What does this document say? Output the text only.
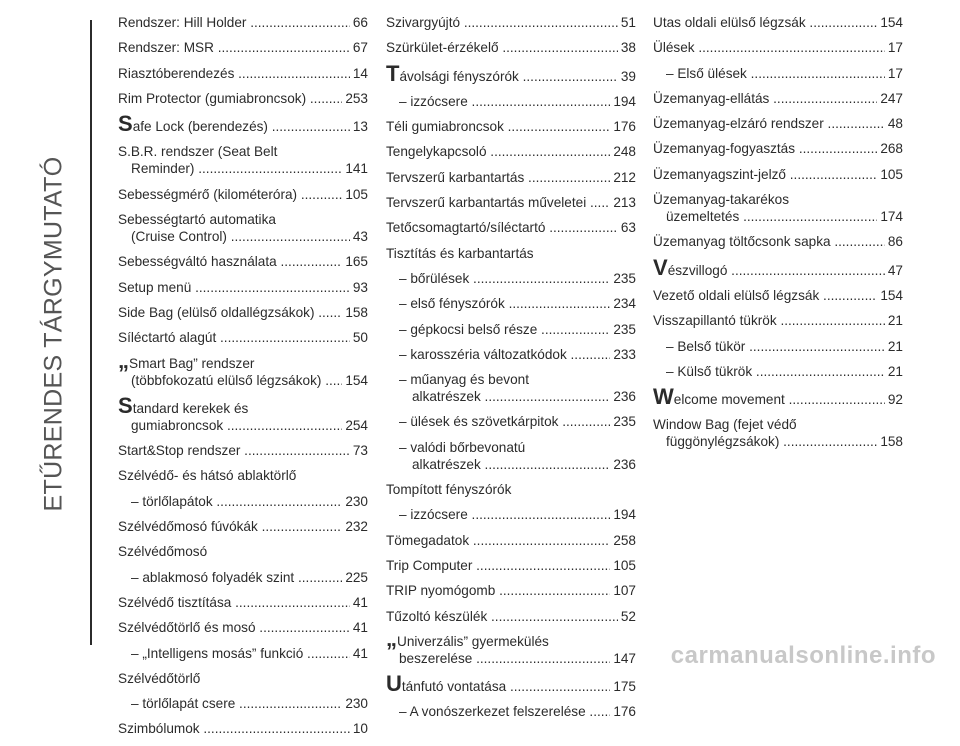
ETŰRENDES TÁRGYMUTATÓ
Rendszer: Hill Holder .....	66
Rendszer: MSR .....	67
Riasztóberendezés .....	14
Rim Protector (gumiabroncsok) .....	253
Safe Lock (berendezés) .....	13
S.B.R. rendszer (Seat Belt
Reminder) .....	141
Sebességmérő (kilométeróra) .....	105
Sebességtartó automatika
(Cruise Control) .....	43
Sebességváltó használata .....	165
Setup menü .....	93
Side Bag (elülső oldallégzsákok) .....	158
Síléctartó alagút .....	50
„Smart Bag” rendszer
(többfokozatú elülső légzsákok) .....	154
Standard kerekek és
gumiabroncsok .....	254
Start&Stop rendszer .....	73
Szélvédő- és hátsó ablaktörlő
– törlőlapátok .....	230
Szélvédőmosó fúvókák .....	232
Szélvédőmosó
– ablakmosó folyadék szint .....	225
Szélvédő tisztítása .....	41
Szélvédőtörlő és mosó .....	41
– „Intelligens mosás” funkció .....	41
Szélvédőtörlő
– törlőlapát csere .....	230
Szimbólumok .....	10
Szivargyújtó .....	51
Szürkület-érzékelő .....	38
Távolsági fényszórók .....	39
– izzócsere .....	194
Téli gumiabroncsok .....	176
Tengelykapcsoló .....	248
Tervszerű karbantartás .....	212
Tervszerű karbantartás műveletei .....	213
Tetőcsomagtartó/síléctartó .....	63
Tisztítás és karbantartás
– bőrülések .....	235
– első fényszórók .....	234
– gépkocsi belső része .....	235
– karosszéria változatkódok .....	233
– műanyag és bevont
alkatrészek .....	236
– ülések és szövetkárpitok .....	235
– valódi bőrbevonatú
alkatrészek .....	236
Tompított fényszórók
– izzócsere .....	194
Tömegadatok .....	258
Trip Computer .....	105
TRIP nyomógomb .....	107
Tűzoltó készülék .....	52
„Univerzális” gyermekülés
beszerelése .....	147
Utánfutó vontatása .....	175
– A vonószerkezet felszerelése .....	176
Utas oldali elülső légzsák .....	154
Ülések .....	17
– Első ülések .....	17
Üzemanyag-ellátás .....	247
Üzemanyag-elzáró rendszer .....	48
Üzemanyag-fogyasztás .....	268
Üzemanyagszint-jelző .....	105
Üzemanyag-takarékos
üzemeltetés .....	174
Üzemanyag töltőcsonk sapka .....	86
Vészvillogó .....	47
Vezető oldali elülső légzsák .....	154
Visszapillantó tükrök .....	21
– Belső tükör .....	21
– Külső tükrök .....	21
Welcome movement .....	92
Window Bag (fejet védő
függönylégzsákok) .....	158
carmanualsonline.info
